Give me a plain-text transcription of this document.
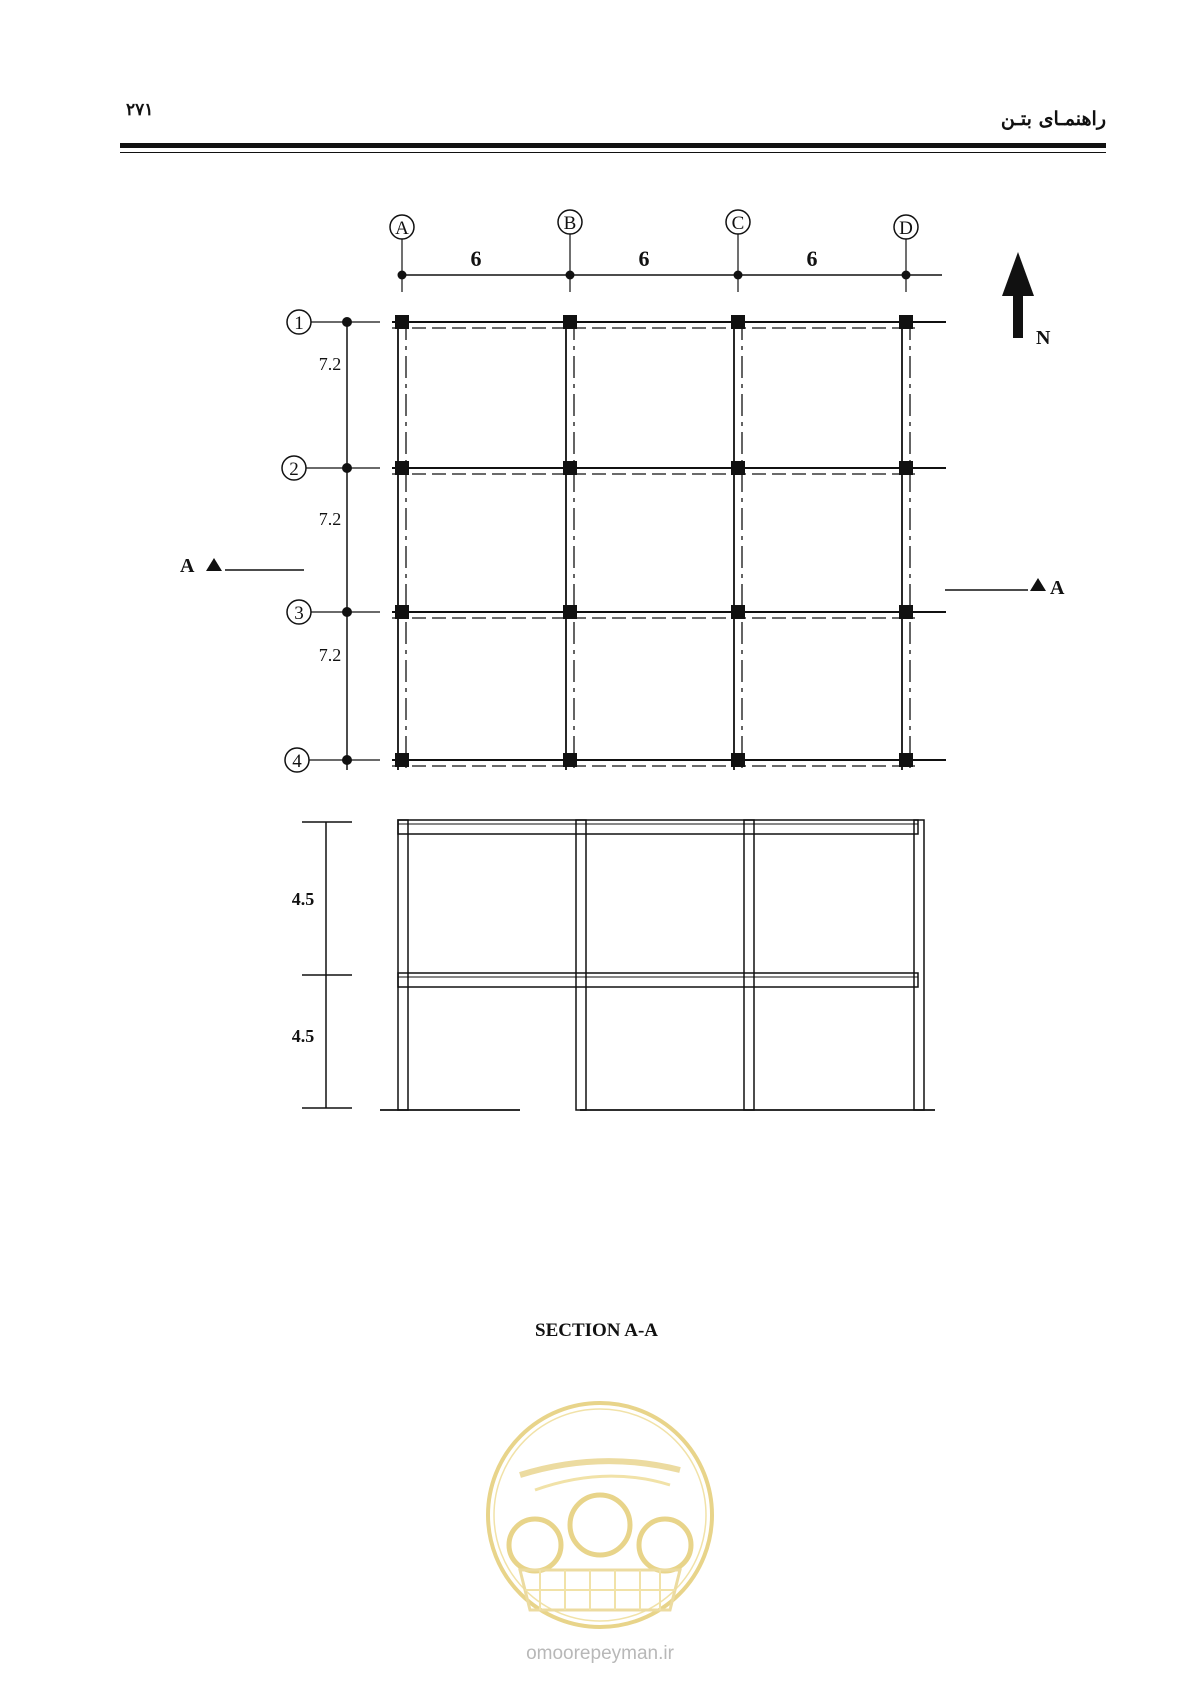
۲۷۱	راهنمـای بتـن
A	B	C	D
6	6	6
1
2
3
4
7.2
7.2
7.2
N
A
A
4.5
4.5
SECTION A-A
omoorepeyman.ir
